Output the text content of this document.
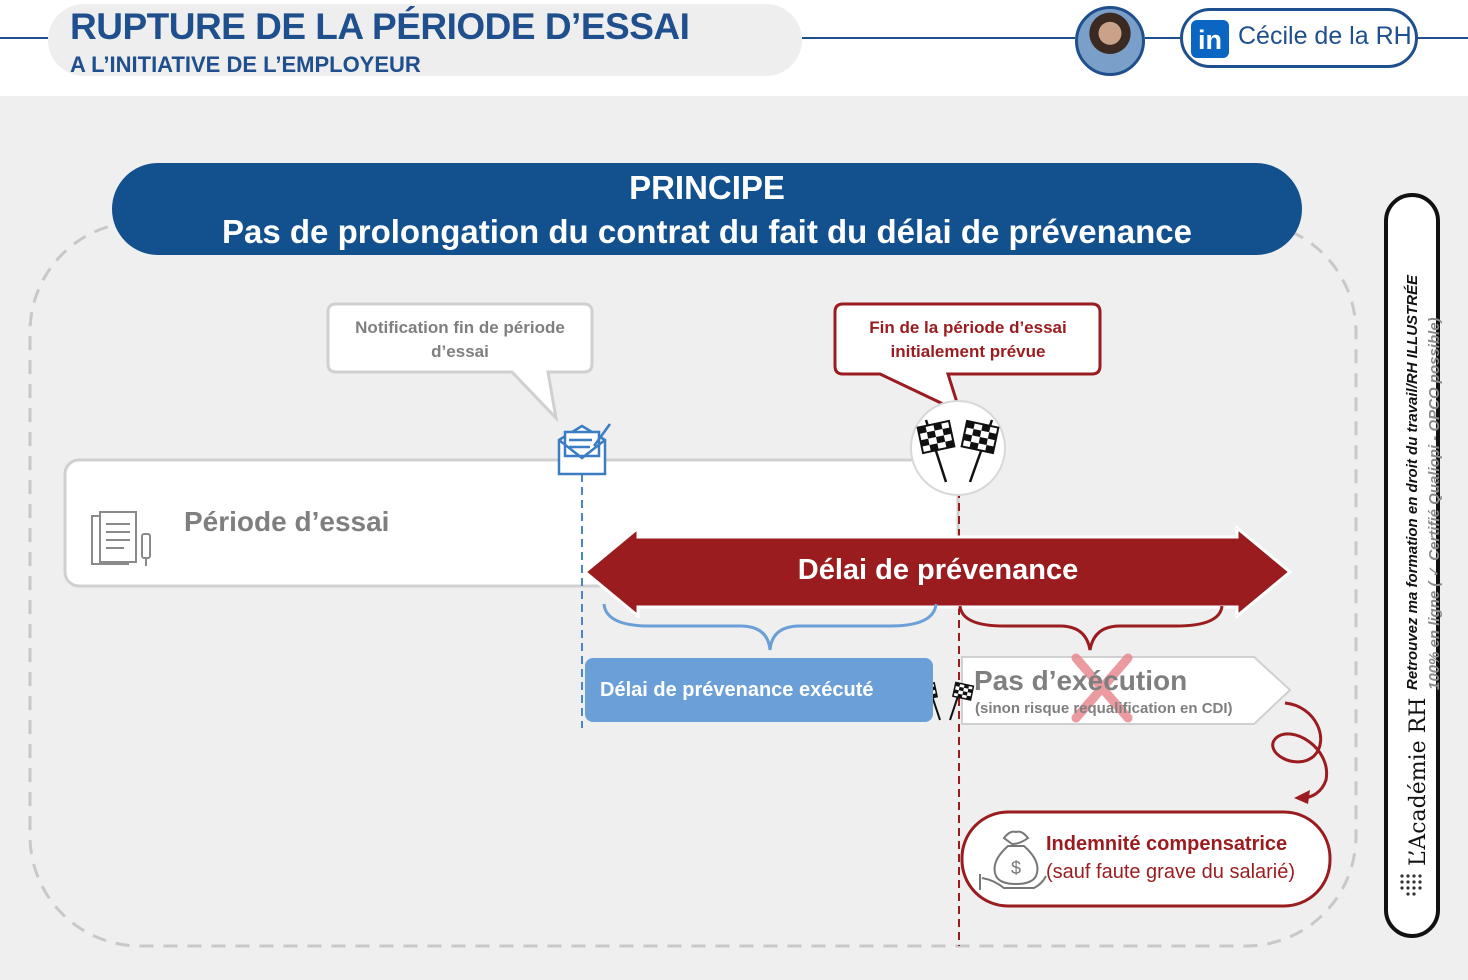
RUPTURE DE LA PÉRIODE D’ESSAI
A L’INITIATIVE DE L’EMPLOYEUR
in Cécile de la RH
$
PRINCIPE
Pas de prolongation du contrat du fait du délai de prévenance
Notification fin de période d’essai
Fin de la période d’essai initialement prévue
Période d’essai
Délai de prévenance
Délai de prévenance exécuté	Pas d’exécution
(sinon risque requalification en CDI)
Indemnité compensatrice
(sauf faute grave du salarié)
Retrouvez ma formation en droit du travail/RH ILLUSTRÉE 100% en ligne ( ✓ Certifié Qualiopi - OPCO possible)
L’Académie RH
